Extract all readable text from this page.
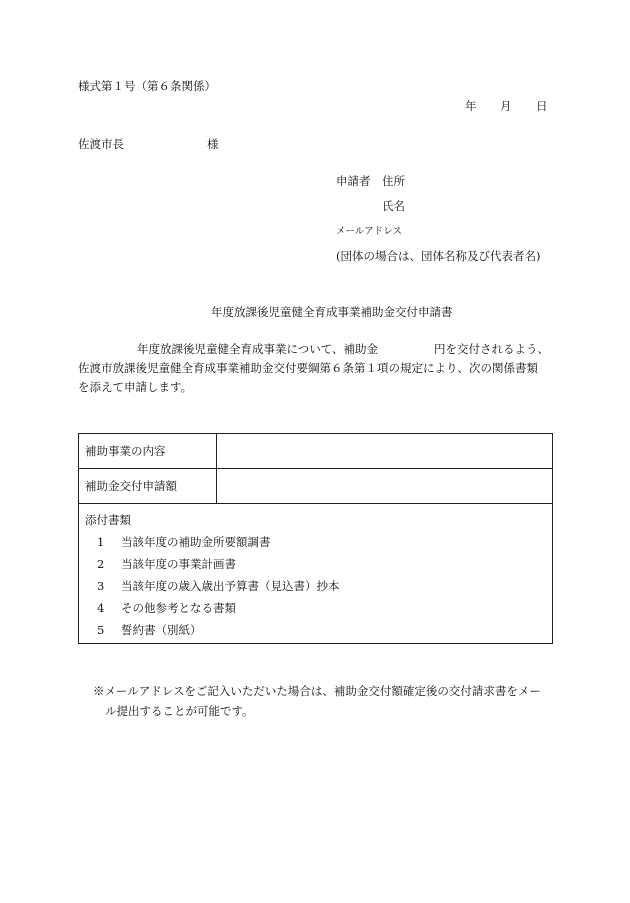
様式第１号（第６条関係）
年 月 日
佐渡市長	様
申請者 住所
氏名
メールアドレス
(団体の場合は、団体名称及び代表者名)
年度放課後児童健全育成事業補助金交付申請書
年度放課後児童健全育成事業について、補助金	円を交付されるよう、
佐渡市放課後児童健全育成事業補助金交付要綱第６条第１項の規定により、次の関係書類
を添えて申請します。
補助事業の内容
補助金交付申請額
添付書類
1 当該年度の補助金所要額調書
2 当該年度の事業計画書
3 当該年度の歳入歳出予算書（見込書）抄本
4 その他参考となる書類
5 誓約書（別紙）
※メールアドレスをご記入いただいた場合は、補助金交付額確定後の交付請求書をメー
ル提出することが可能です。
